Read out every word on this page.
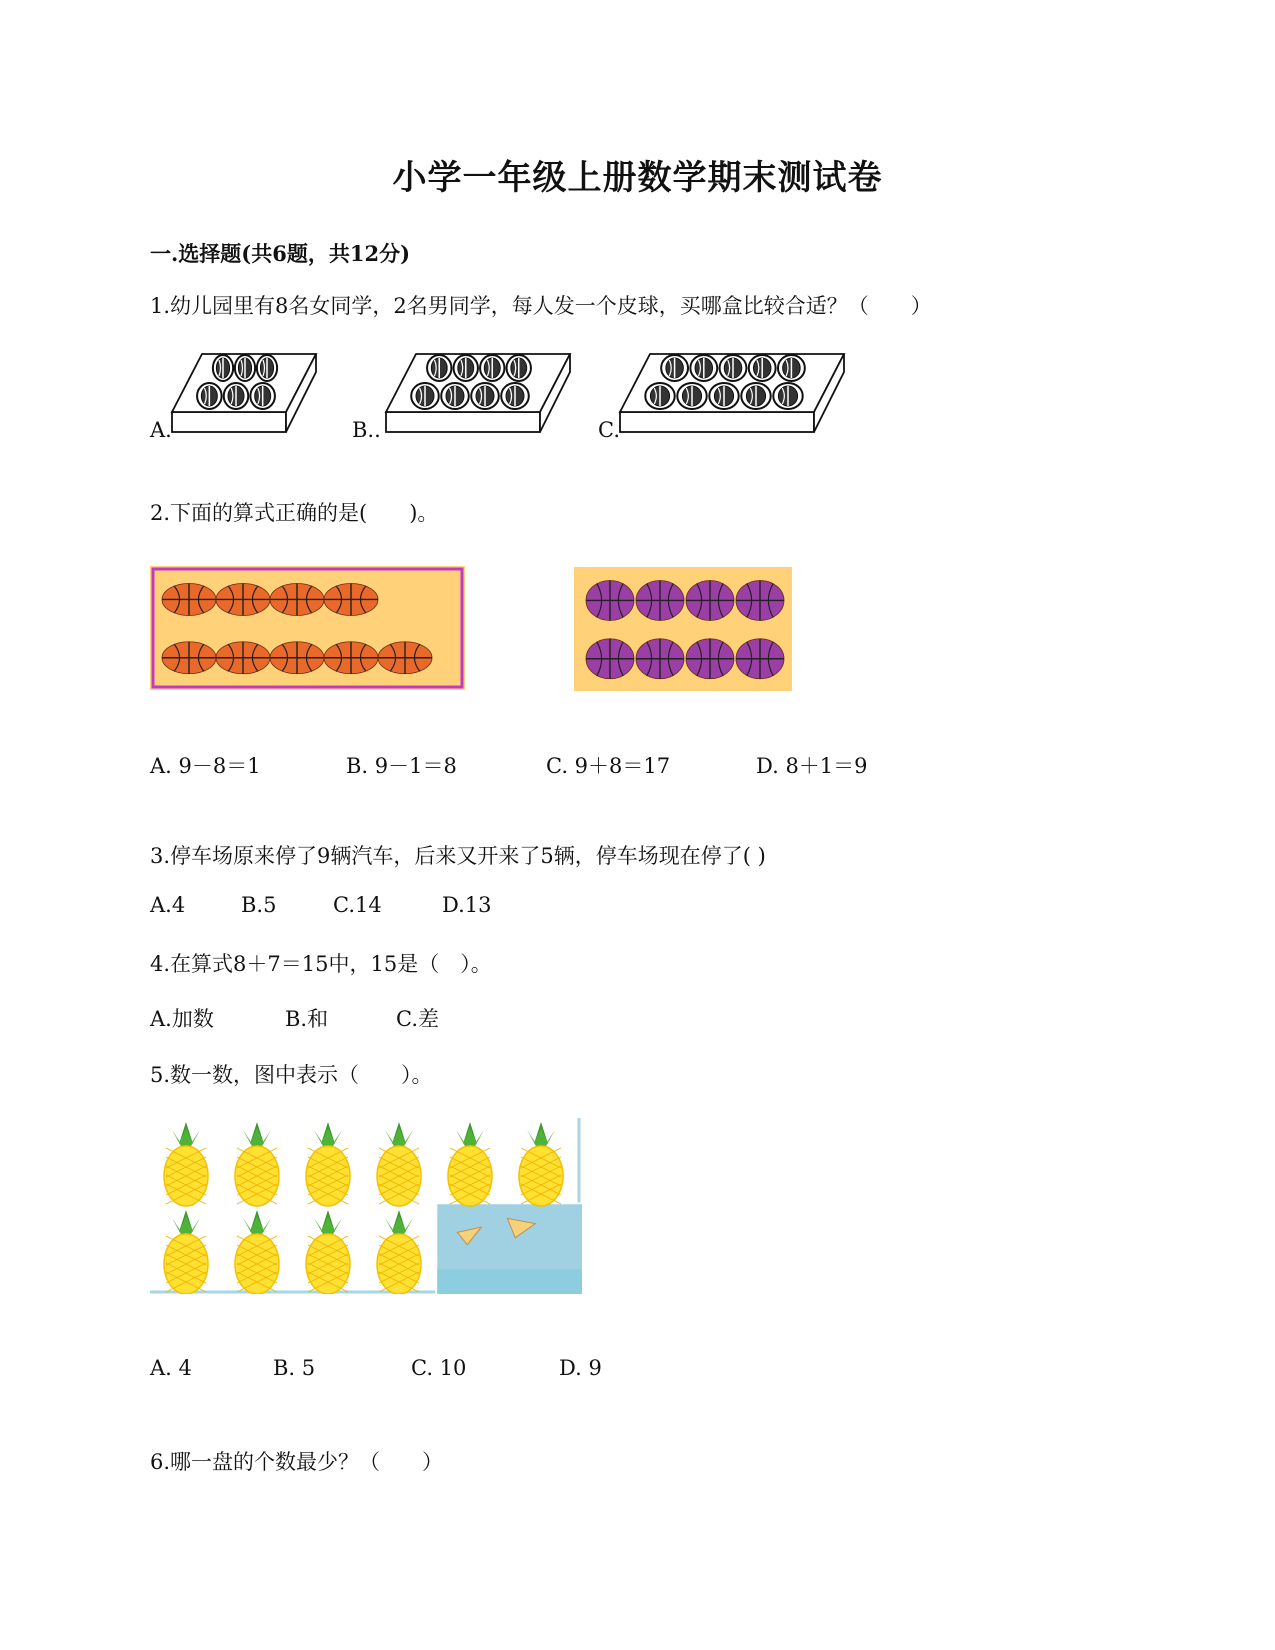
小学一年级上册数学期末测试卷
一.选择题(共6题，共12分)
1.幼儿园里有8名女同学，2名男同学，每人发一个皮球，买哪盒比较合适？（　　）
A.	B..	C.
2.下面的算式正确的是(　　)。
A. 9－8＝1	B. 9－1＝8	C. 9＋8＝17	D. 8＋1＝9
3.停车场原来停了9辆汽车，后来又开来了5辆，停车场现在停了( )
A.4	B.5	C.14	D.13
4.在算式8＋7＝15中，15是（　）。
A.加数	B.和	C.差
5.数一数，图中表示（　　）。
A. 4	B. 5	C. 10	D. 9
6.哪一盘的个数最少？（　　）
